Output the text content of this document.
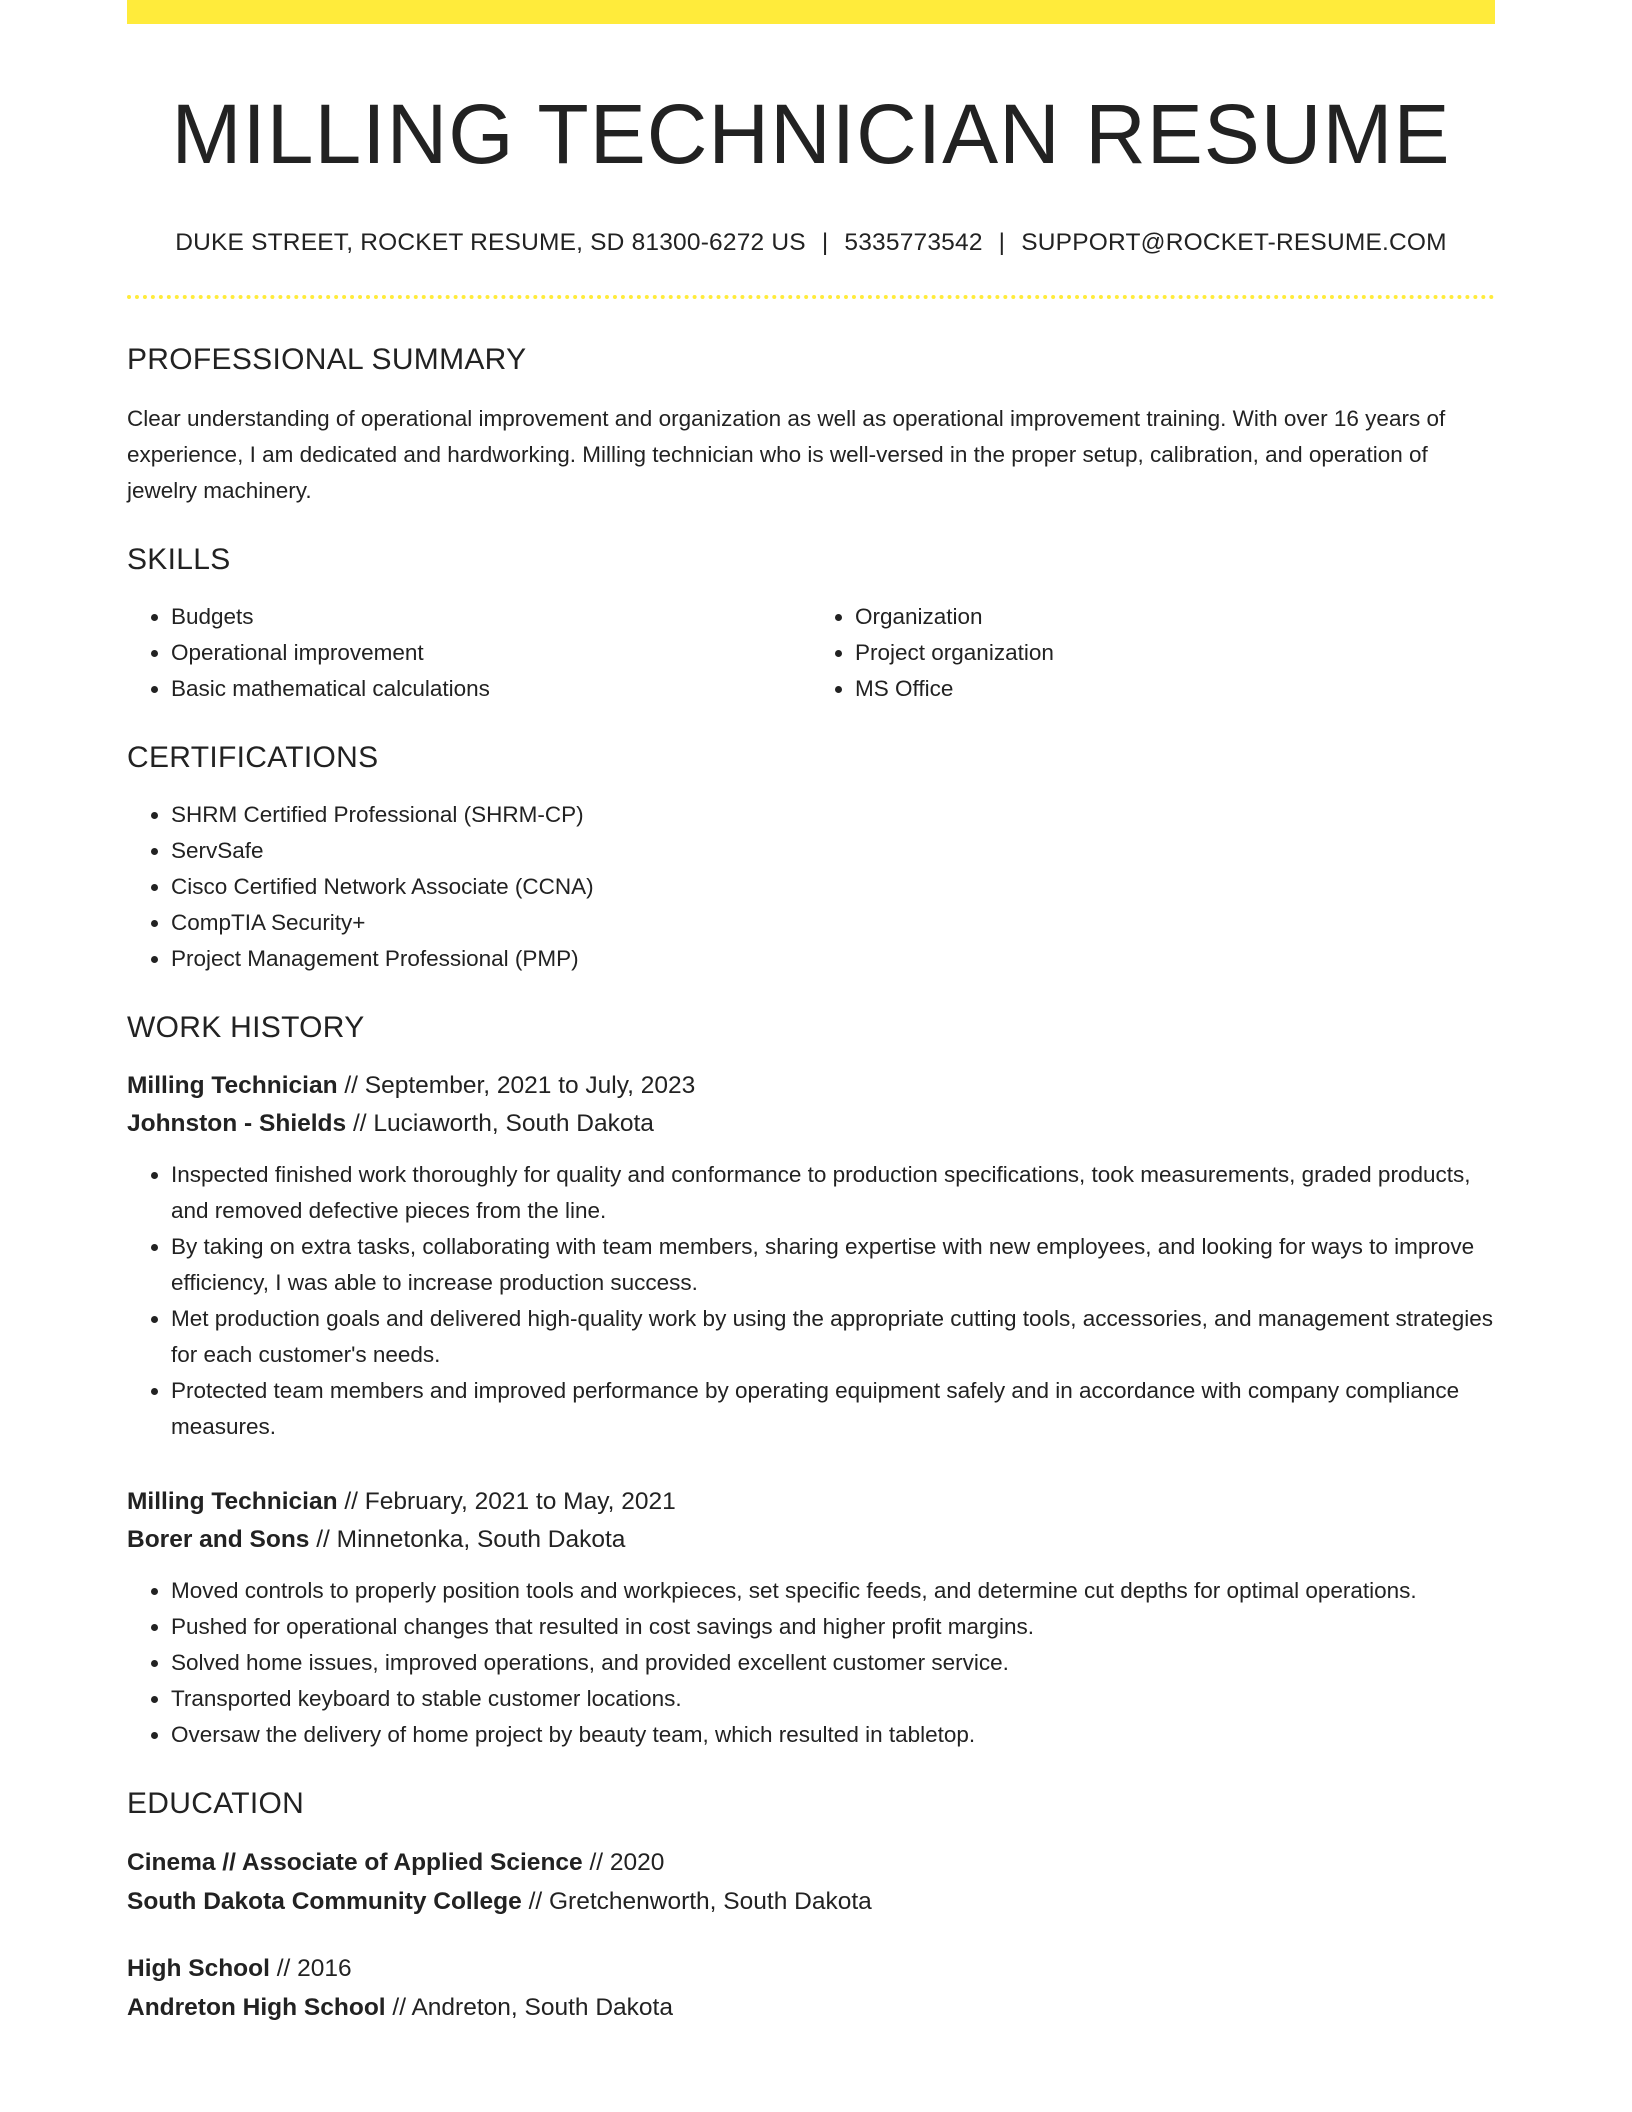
MILLING TECHNICIAN RESUME
DUKE STREET, ROCKET RESUME, SD 81300-6272 US | 5335773542 | SUPPORT@ROCKET-RESUME.COM
PROFESSIONAL SUMMARY

Clear understanding of operational improvement and organization as well as operational improvement training. With over 16 years of experience, I am dedicated and hardworking. Milling technician who is well-versed in the proper setup, calibration, and operation of jewelry machinery.

SKILLS
• Budgets
• Operational improvement
• Basic mathematical calculations
• Organization
• Project organization
• MS Office
CERTIFICATIONS
• SHRM Certified Professional (SHRM-CP)
• ServSafe
• Cisco Certified Network Associate (CCNA)
• CompTIA Security+
• Project Management Professional (PMP)
WORK HISTORY
Milling Technician // September, 2021 to July, 2023
Johnston - Shields // Luciaworth, South Dakota
• Inspected finished work thoroughly for quality and conformance to production specifications, took measurements, graded products, and removed defective pieces from the line.
• By taking on extra tasks, collaborating with team members, sharing expertise with new employees, and looking for ways to improve efficiency, I was able to increase production success.
• Met production goals and delivered high-quality work by using the appropriate cutting tools, accessories, and management strategies for each customer's needs.
• Protected team members and improved performance by operating equipment safely and in accordance with company compliance measures.
Milling Technician // February, 2021 to May, 2021
Borer and Sons // Minnetonka, South Dakota
• Moved controls to properly position tools and workpieces, set specific feeds, and determine cut depths for optimal operations.
• Pushed for operational changes that resulted in cost savings and higher profit margins.
• Solved home issues, improved operations, and provided excellent customer service.
• Transported keyboard to stable customer locations.
• Oversaw the delivery of home project by beauty team, which resulted in tabletop.
EDUCATION
Cinema // Associate of Applied Science // 2020
South Dakota Community College // Gretchenworth, South Dakota
High School // 2016
Andreton High School // Andreton, South Dakota
